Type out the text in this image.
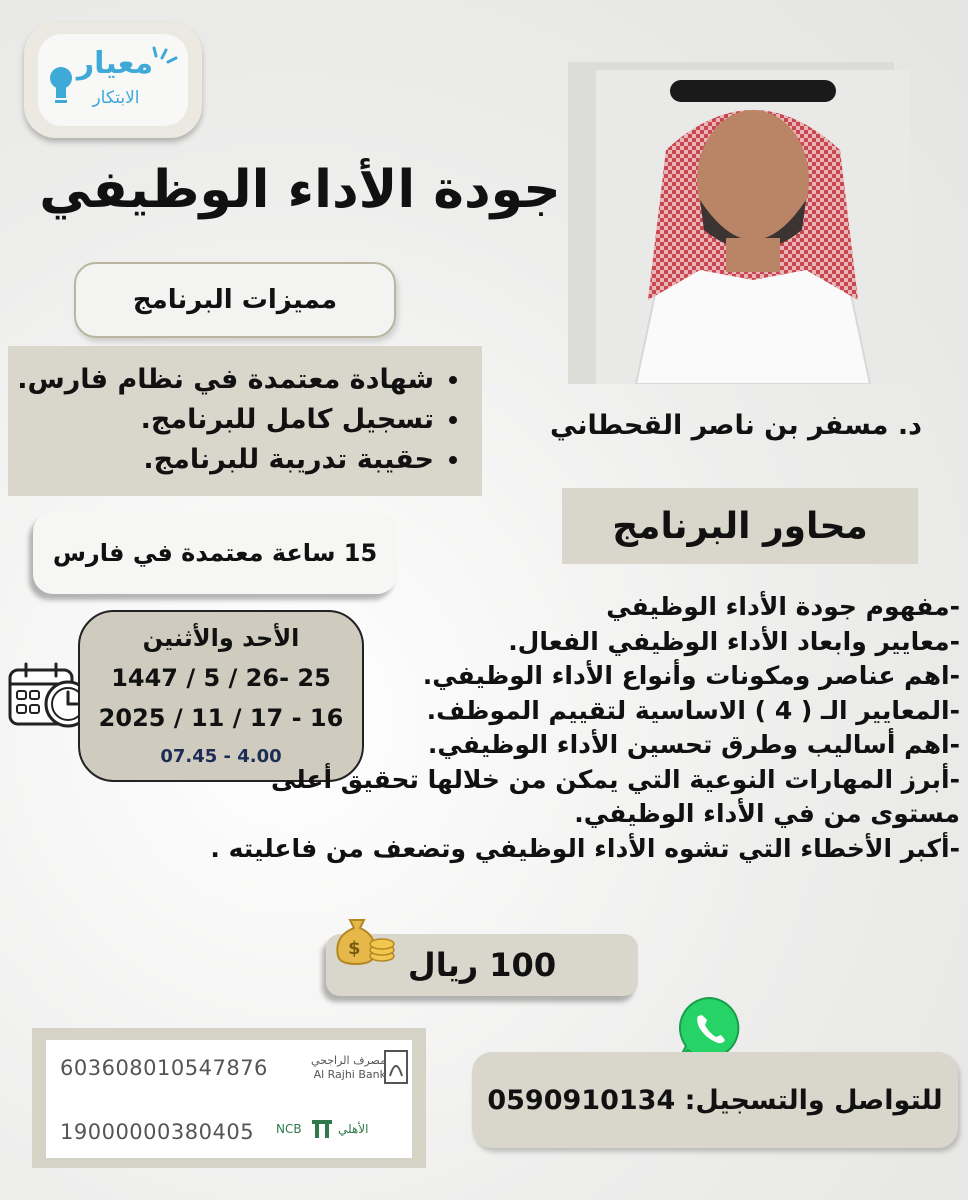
معيار
الابتكار
جودة الأداء الوظيفي
مميزات البرنامج
• شهادة معتمدة في نظام فارس.
• تسجيل كامل للبرنامج.
• حقيبة تدريبة للبرنامج.
15 ساعة معتمدة في فارس
الأحد والأثنين
25 -26 / 5 / 1447
16 - 17 / 11 / 2025
4.00 - 07.45
د. مسفر بن ناصر القحطاني
محاور البرنامج
-مفهوم جودة الأداء الوظيفي
-معايير وابعاد الأداء الوظيفي الفعال.
-اهم عناصر ومكونات وأنواع الأداء الوظيفي.
-المعايير الـ ( 4 ) الاساسية لتقييم الموظف.
-اهم أساليب وطرق تحسين الأداء الوظيفي.
-أبرز المهارات النوعية التي يمكن من خلالها تحقيق أعلى
مستوى من في الأداء الوظيفي.
-أكبر الأخطاء التي تشوه الأداء الوظيفي وتضعف من فاعليته .
100 ريال
$
603608010547876	مصرف الراجحي
Al Rajhi Bank
19000000380405 NCB	الأهلي
للتواصل والتسجيل: 0590910134
